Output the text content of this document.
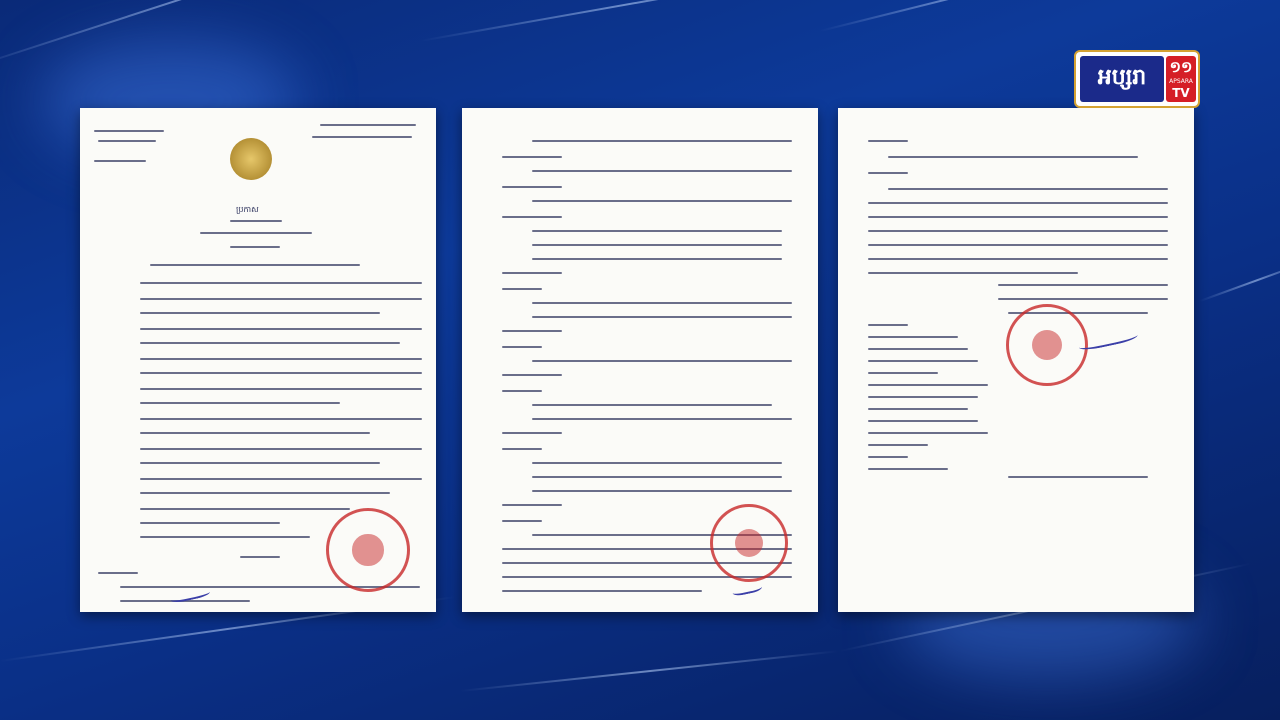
ប្រកាស
អប្សរា	១១
APSARA
TV
